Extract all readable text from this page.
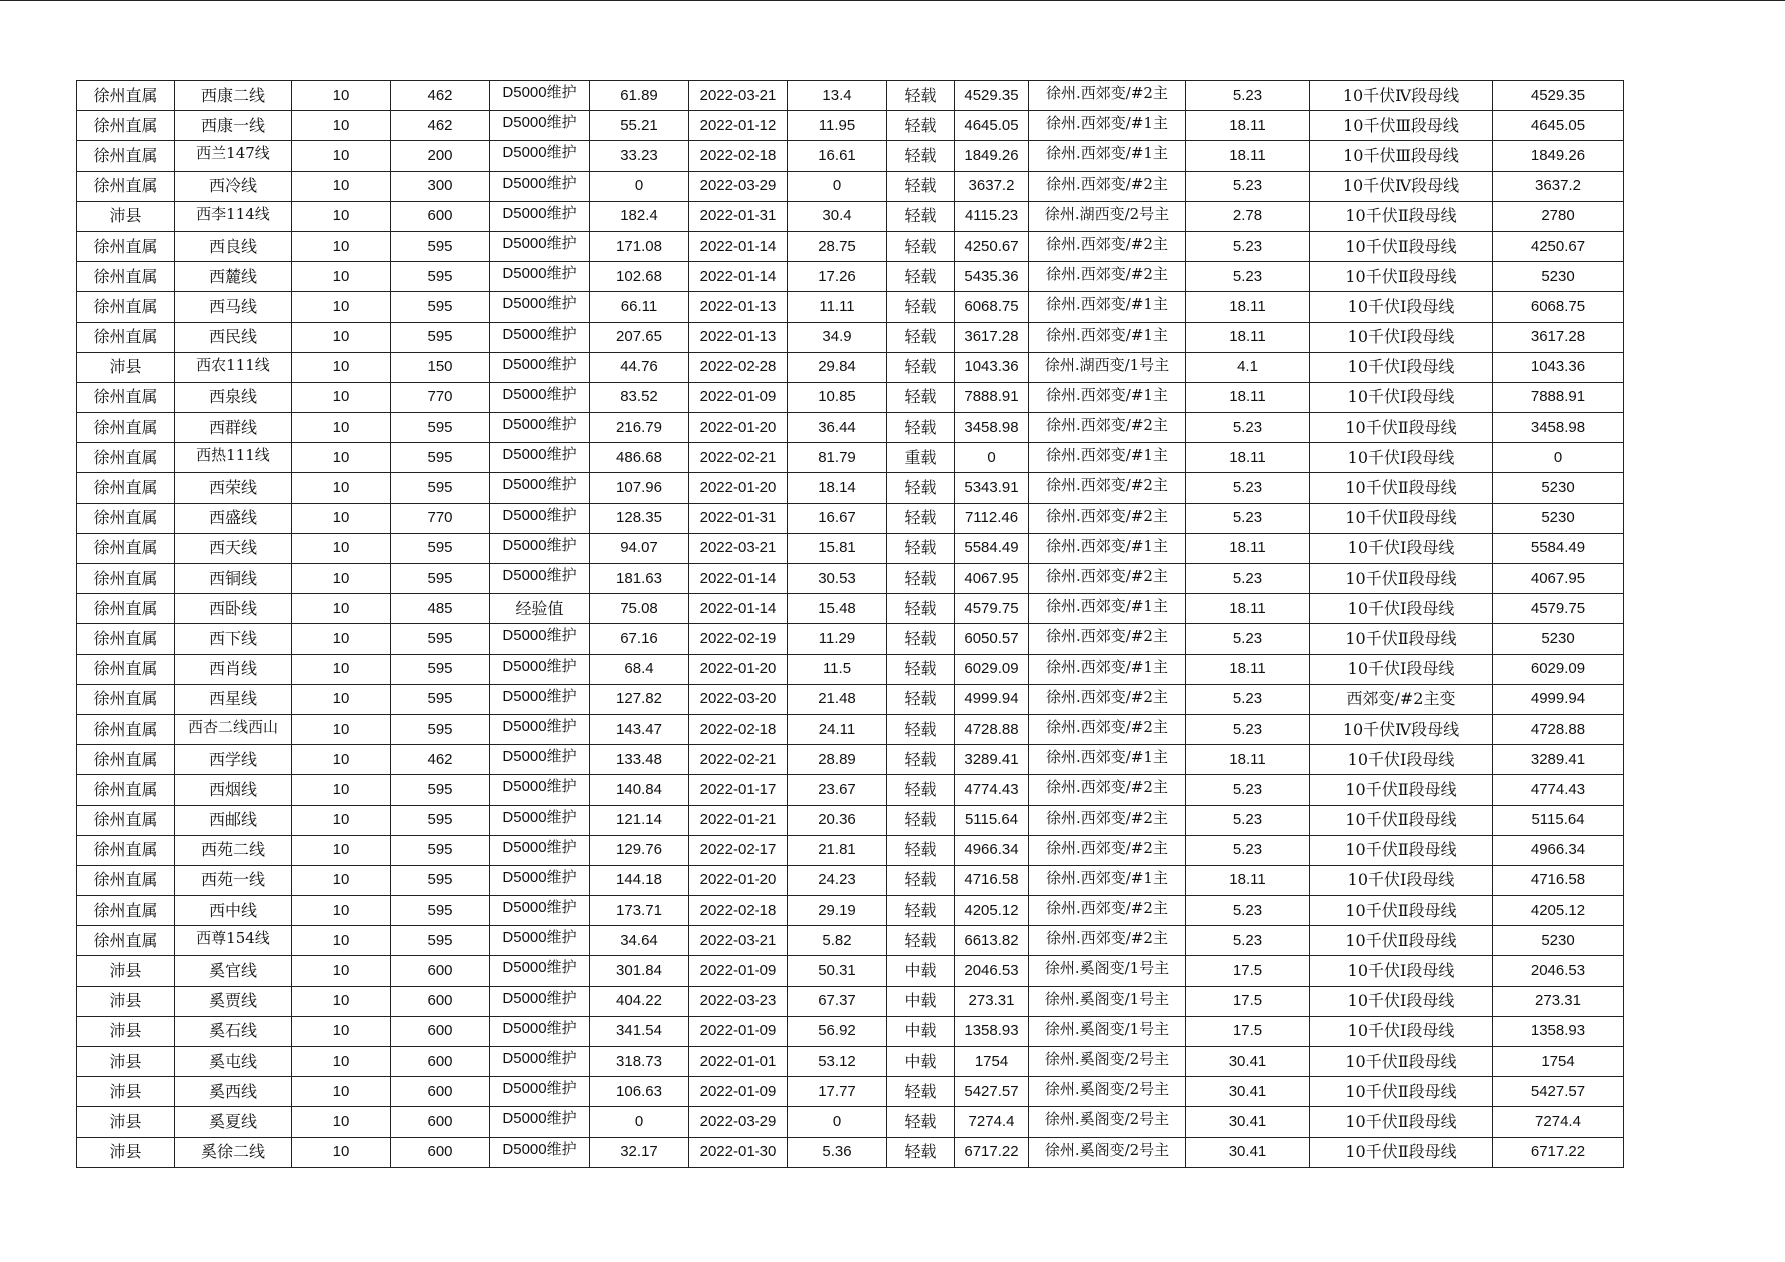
徐州直属	西康二线	10	462	D5000维护	61.89	2022-03-21	13.4	轻载	4529.35	徐州.西郊变/#2主	5.23	10千伏Ⅳ段母线	4529.35
徐州直属	西康一线	10	462	D5000维护	55.21	2022-01-12	11.95	轻载	4645.05	徐州.西郊变/#1主	18.11	10千伏Ⅲ段母线	4645.05
徐州直属	西兰147线	10	200	D5000维护	33.23	2022-02-18	16.61	轻载	1849.26	徐州.西郊变/#1主	18.11	10千伏Ⅲ段母线	1849.26
徐州直属	西冷线	10	300	D5000维护	0	2022-03-29	0	轻载	3637.2	徐州.西郊变/#2主	5.23	10千伏Ⅳ段母线	3637.2
沛县	西李114线	10	600	D5000维护	182.4	2022-01-31	30.4	轻载	4115.23	徐州.湖西变/2号主	2.78	10千伏Ⅱ段母线	2780
徐州直属	西良线	10	595	D5000维护	171.08	2022-01-14	28.75	轻载	4250.67	徐州.西郊变/#2主	5.23	10千伏Ⅱ段母线	4250.67
徐州直属	西麓线	10	595	D5000维护	102.68	2022-01-14	17.26	轻载	5435.36	徐州.西郊变/#2主	5.23	10千伏Ⅱ段母线	5230
徐州直属	西马线	10	595	D5000维护	66.11	2022-01-13	11.11	轻载	6068.75	徐州.西郊变/#1主	18.11	10千伏Ⅰ段母线	6068.75
徐州直属	西民线	10	595	D5000维护	207.65	2022-01-13	34.9	轻载	3617.28	徐州.西郊变/#1主	18.11	10千伏Ⅰ段母线	3617.28
沛县	西农111线	10	150	D5000维护	44.76	2022-02-28	29.84	轻载	1043.36	徐州.湖西变/1号主	4.1	10千伏Ⅰ段母线	1043.36
徐州直属	西泉线	10	770	D5000维护	83.52	2022-01-09	10.85	轻载	7888.91	徐州.西郊变/#1主	18.11	10千伏Ⅰ段母线	7888.91
徐州直属	西群线	10	595	D5000维护	216.79	2022-01-20	36.44	轻载	3458.98	徐州.西郊变/#2主	5.23	10千伏Ⅱ段母线	3458.98
徐州直属	西热111线	10	595	D5000维护	486.68	2022-02-21	81.79	重载	0	徐州.西郊变/#1主	18.11	10千伏Ⅰ段母线	0
徐州直属	西荣线	10	595	D5000维护	107.96	2022-01-20	18.14	轻载	5343.91	徐州.西郊变/#2主	5.23	10千伏Ⅱ段母线	5230
徐州直属	西盛线	10	770	D5000维护	128.35	2022-01-31	16.67	轻载	7112.46	徐州.西郊变/#2主	5.23	10千伏Ⅱ段母线	5230
徐州直属	西天线	10	595	D5000维护	94.07	2022-03-21	15.81	轻载	5584.49	徐州.西郊变/#1主	18.11	10千伏Ⅰ段母线	5584.49
徐州直属	西铜线	10	595	D5000维护	181.63	2022-01-14	30.53	轻载	4067.95	徐州.西郊变/#2主	5.23	10千伏Ⅱ段母线	4067.95
徐州直属	西卧线	10	485	经验值	75.08	2022-01-14	15.48	轻载	4579.75	徐州.西郊变/#1主	18.11	10千伏Ⅰ段母线	4579.75
徐州直属	西下线	10	595	D5000维护	67.16	2022-02-19	11.29	轻载	6050.57	徐州.西郊变/#2主	5.23	10千伏Ⅱ段母线	5230
徐州直属	西肖线	10	595	D5000维护	68.4	2022-01-20	11.5	轻载	6029.09	徐州.西郊变/#1主	18.11	10千伏Ⅰ段母线	6029.09
徐州直属	西星线	10	595	D5000维护	127.82	2022-03-20	21.48	轻载	4999.94	徐州.西郊变/#2主	5.23	西郊变/#2主变	4999.94
徐州直属	西杏二线西山	10	595	D5000维护	143.47	2022-02-18	24.11	轻载	4728.88	徐州.西郊变/#2主	5.23	10千伏Ⅳ段母线	4728.88
徐州直属	西学线	10	462	D5000维护	133.48	2022-02-21	28.89	轻载	3289.41	徐州.西郊变/#1主	18.11	10千伏Ⅰ段母线	3289.41
徐州直属	西烟线	10	595	D5000维护	140.84	2022-01-17	23.67	轻载	4774.43	徐州.西郊变/#2主	5.23	10千伏Ⅱ段母线	4774.43
徐州直属	西邮线	10	595	D5000维护	121.14	2022-01-21	20.36	轻载	5115.64	徐州.西郊变/#2主	5.23	10千伏Ⅱ段母线	5115.64
徐州直属	西苑二线	10	595	D5000维护	129.76	2022-02-17	21.81	轻载	4966.34	徐州.西郊变/#2主	5.23	10千伏Ⅱ段母线	4966.34
徐州直属	西苑一线	10	595	D5000维护	144.18	2022-01-20	24.23	轻载	4716.58	徐州.西郊变/#1主	18.11	10千伏Ⅰ段母线	4716.58
徐州直属	西中线	10	595	D5000维护	173.71	2022-02-18	29.19	轻载	4205.12	徐州.西郊变/#2主	5.23	10千伏Ⅱ段母线	4205.12
徐州直属	西尊154线	10	595	D5000维护	34.64	2022-03-21	5.82	轻载	6613.82	徐州.西郊变/#2主	5.23	10千伏Ⅱ段母线	5230
沛县	奚官线	10	600	D5000维护	301.84	2022-01-09	50.31	中载	2046.53	徐州.奚阁变/1号主	17.5	10千伏Ⅰ段母线	2046.53
沛县	奚贾线	10	600	D5000维护	404.22	2022-03-23	67.37	中载	273.31	徐州.奚阁变/1号主	17.5	10千伏Ⅰ段母线	273.31
沛县	奚石线	10	600	D5000维护	341.54	2022-01-09	56.92	中载	1358.93	徐州.奚阁变/1号主	17.5	10千伏Ⅰ段母线	1358.93
沛县	奚屯线	10	600	D5000维护	318.73	2022-01-01	53.12	中载	1754	徐州.奚阁变/2号主	30.41	10千伏Ⅱ段母线	1754
沛县	奚西线	10	600	D5000维护	106.63	2022-01-09	17.77	轻载	5427.57	徐州.奚阁变/2号主	30.41	10千伏Ⅱ段母线	5427.57
沛县	奚夏线	10	600	D5000维护	0	2022-03-29	0	轻载	7274.4	徐州.奚阁变/2号主	30.41	10千伏Ⅱ段母线	7274.4
沛县	奚徐二线	10	600	D5000维护	32.17	2022-01-30	5.36	轻载	6717.22	徐州.奚阁变/2号主	30.41	10千伏Ⅱ段母线	6717.22
